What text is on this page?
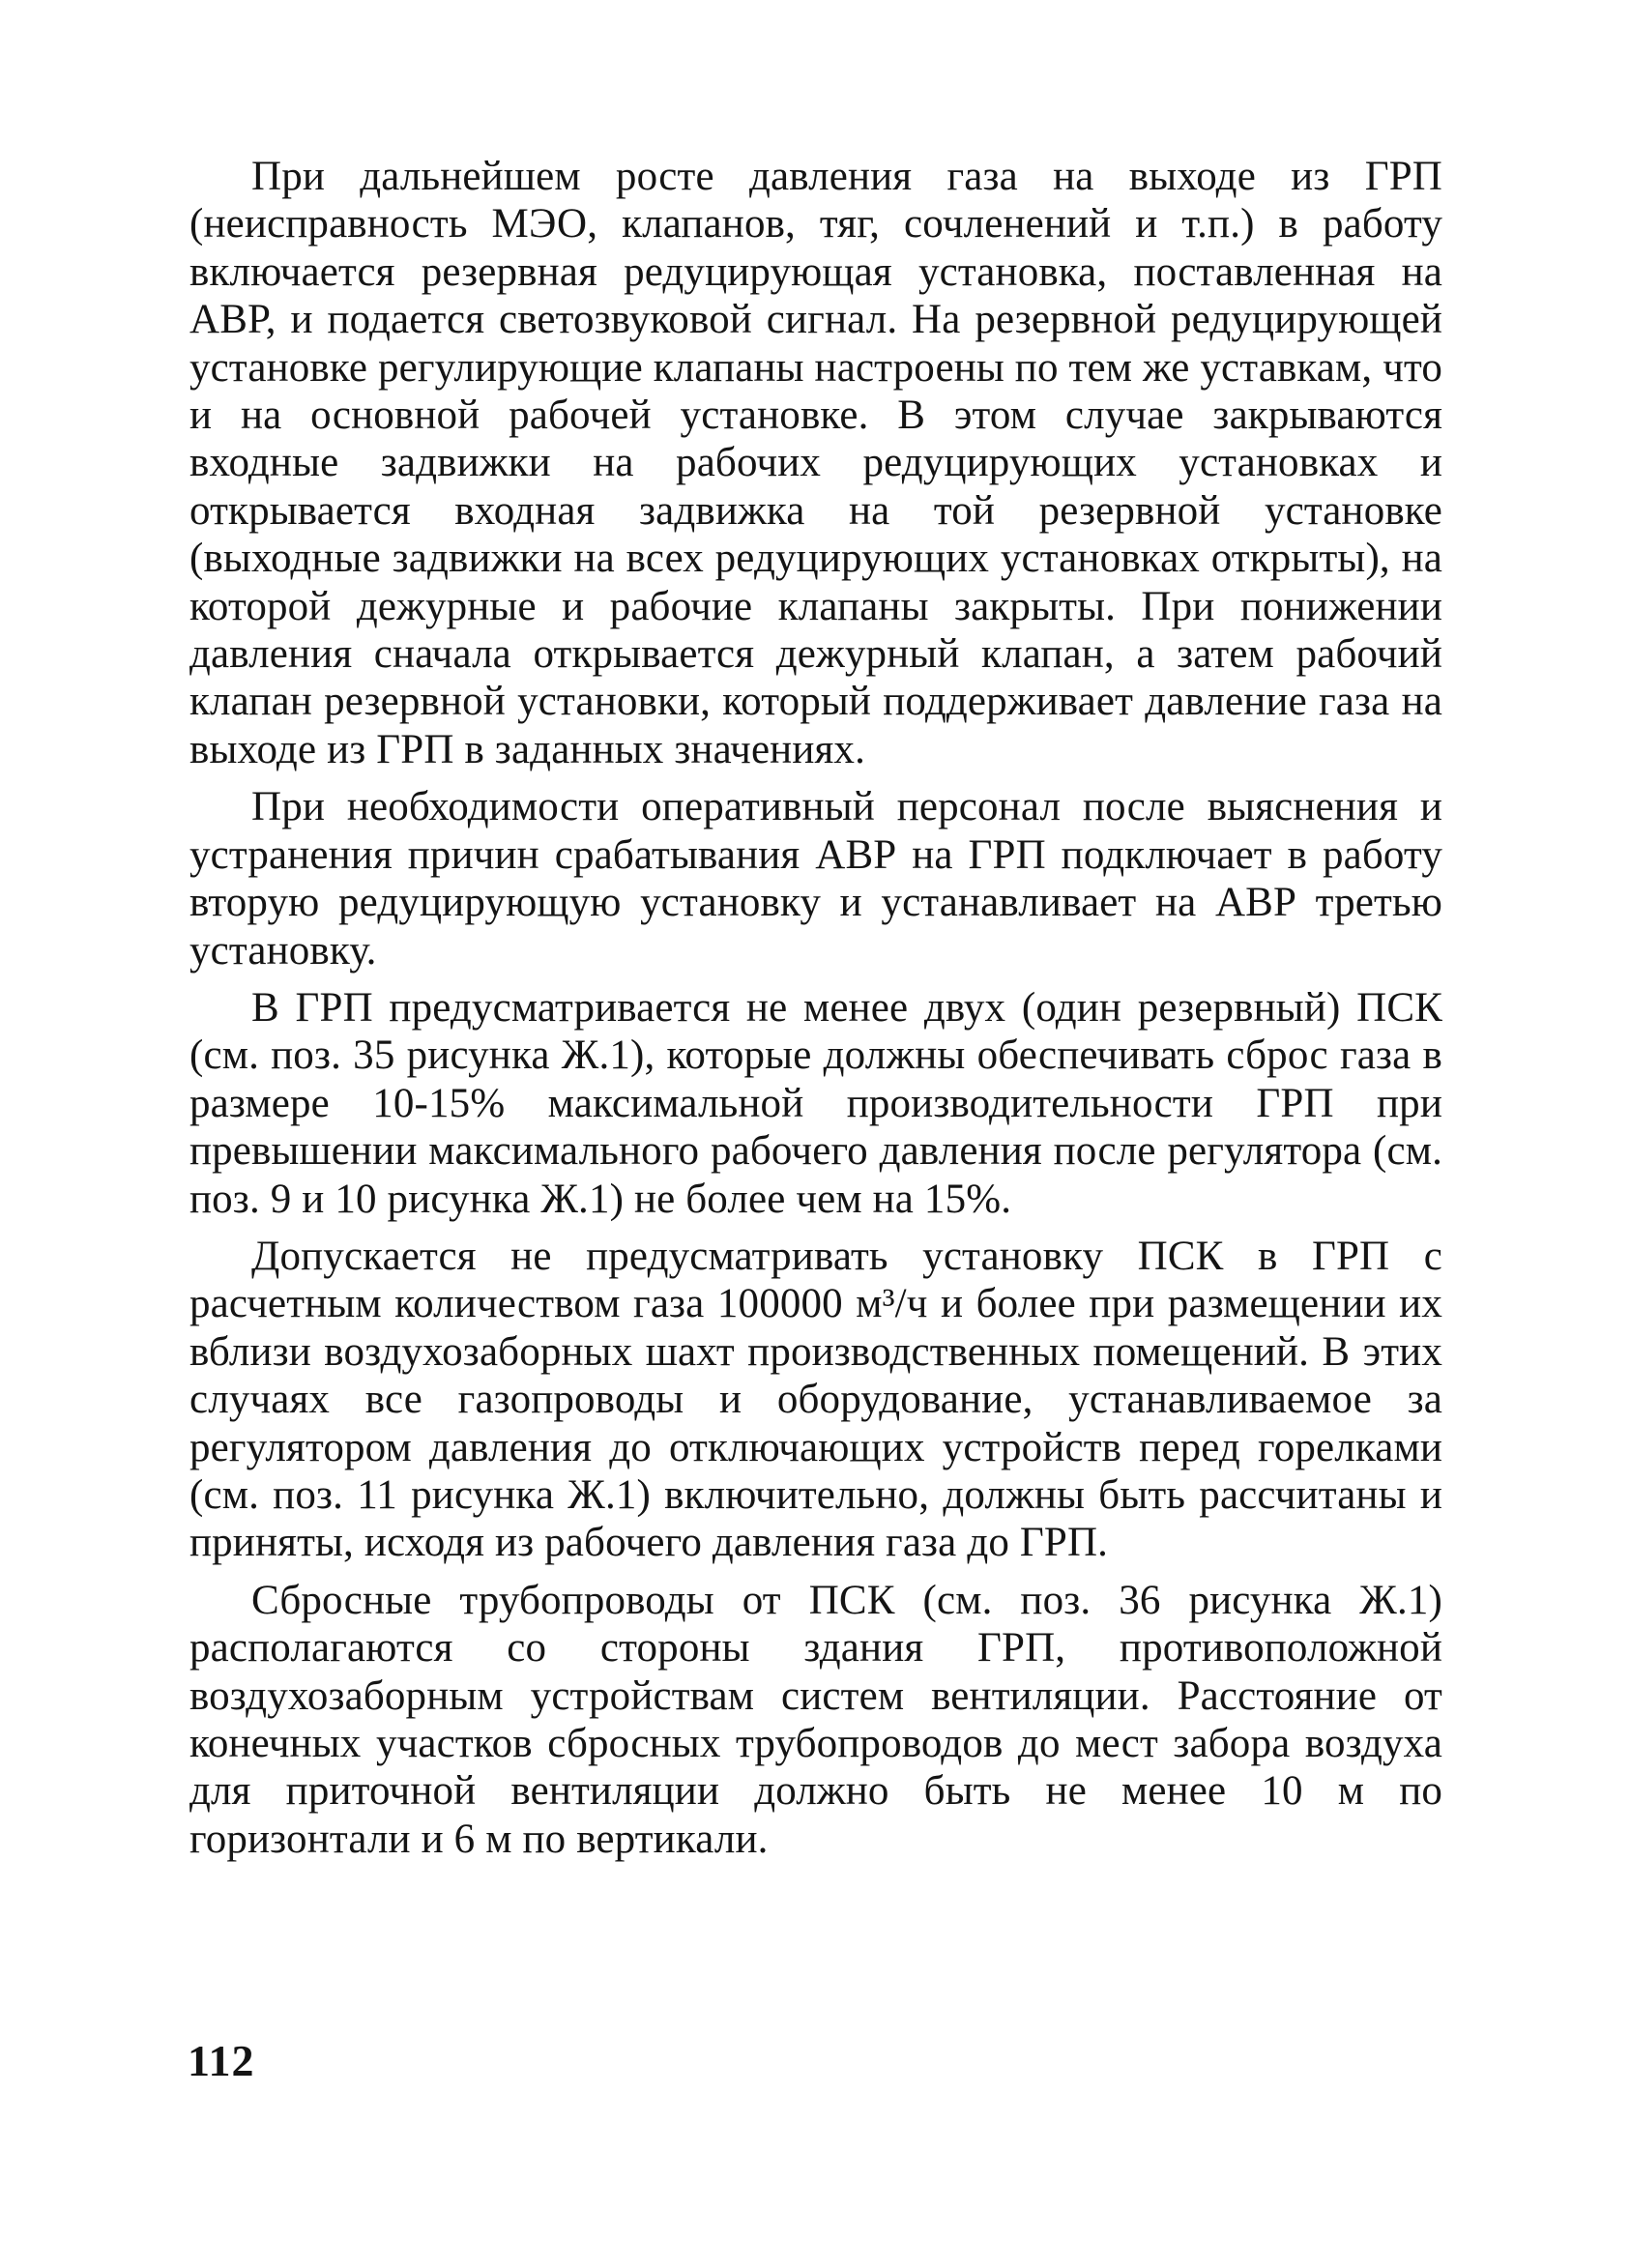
При дальнейшем росте давления газа на выходе из ГРП (неисправность МЭО, клапанов, тяг, сочленений и т.п.) в работу включается резервная редуцирующая установка, поставленная на АВР, и подается светозвуковой сигнал. На резервной редуцирующей установке регулирующие клапаны настроены по тем же уставкам, что и на основной рабочей установке. В этом случае закрываются входные задвижки на рабочих редуцирующих установках и открывается входная задвижка на той резервной установке (выходные задвижки на всех редуцирующих установках открыты), на которой дежурные и рабочие клапаны закрыты. При понижении давления сначала открывается дежурный клапан, а затем рабочий клапан резервной установки, который поддерживает давление газа на выходе из ГРП в заданных значениях.

При необходимости оперативный персонал после выяснения и устранения причин срабатывания АВР на ГРП подключает в работу вторую редуцирующую установку и устанавливает на АВР третью установку.

В ГРП предусматривается не менее двух (один резервный) ПСК (см. поз. 35 рисунка Ж.1), которые должны обеспечивать сброс газа в размере 10-15% максимальной производительности ГРП при превышении максимального рабочего давления после регулятора (см. поз. 9 и 10 рисунка Ж.1) не более чем на 15%.

Допускается не предусматривать установку ПСК в ГРП с расчетным количеством газа 100000 м³/ч и более при размещении их вблизи воздухозаборных шахт производственных помещений. В этих случаях все газопроводы и оборудование, устанавливаемое за регулятором давления до отключающих устройств перед горелками (см. поз. 11 рисунка Ж.1) включительно, должны быть рассчитаны и приняты, исходя из рабочего давления газа до ГРП.

Сбросные трубопроводы от ПСК (см. поз. 36 рисунка Ж.1) располагаются со стороны здания ГРП, противоположной воздухозаборным устройствам систем вентиляции. Расстояние от конечных участков сбросных трубопроводов до мест забора воздуха для приточной вентиляции должно быть не менее 10 м по горизонтали и 6 м по вертикали.

112
